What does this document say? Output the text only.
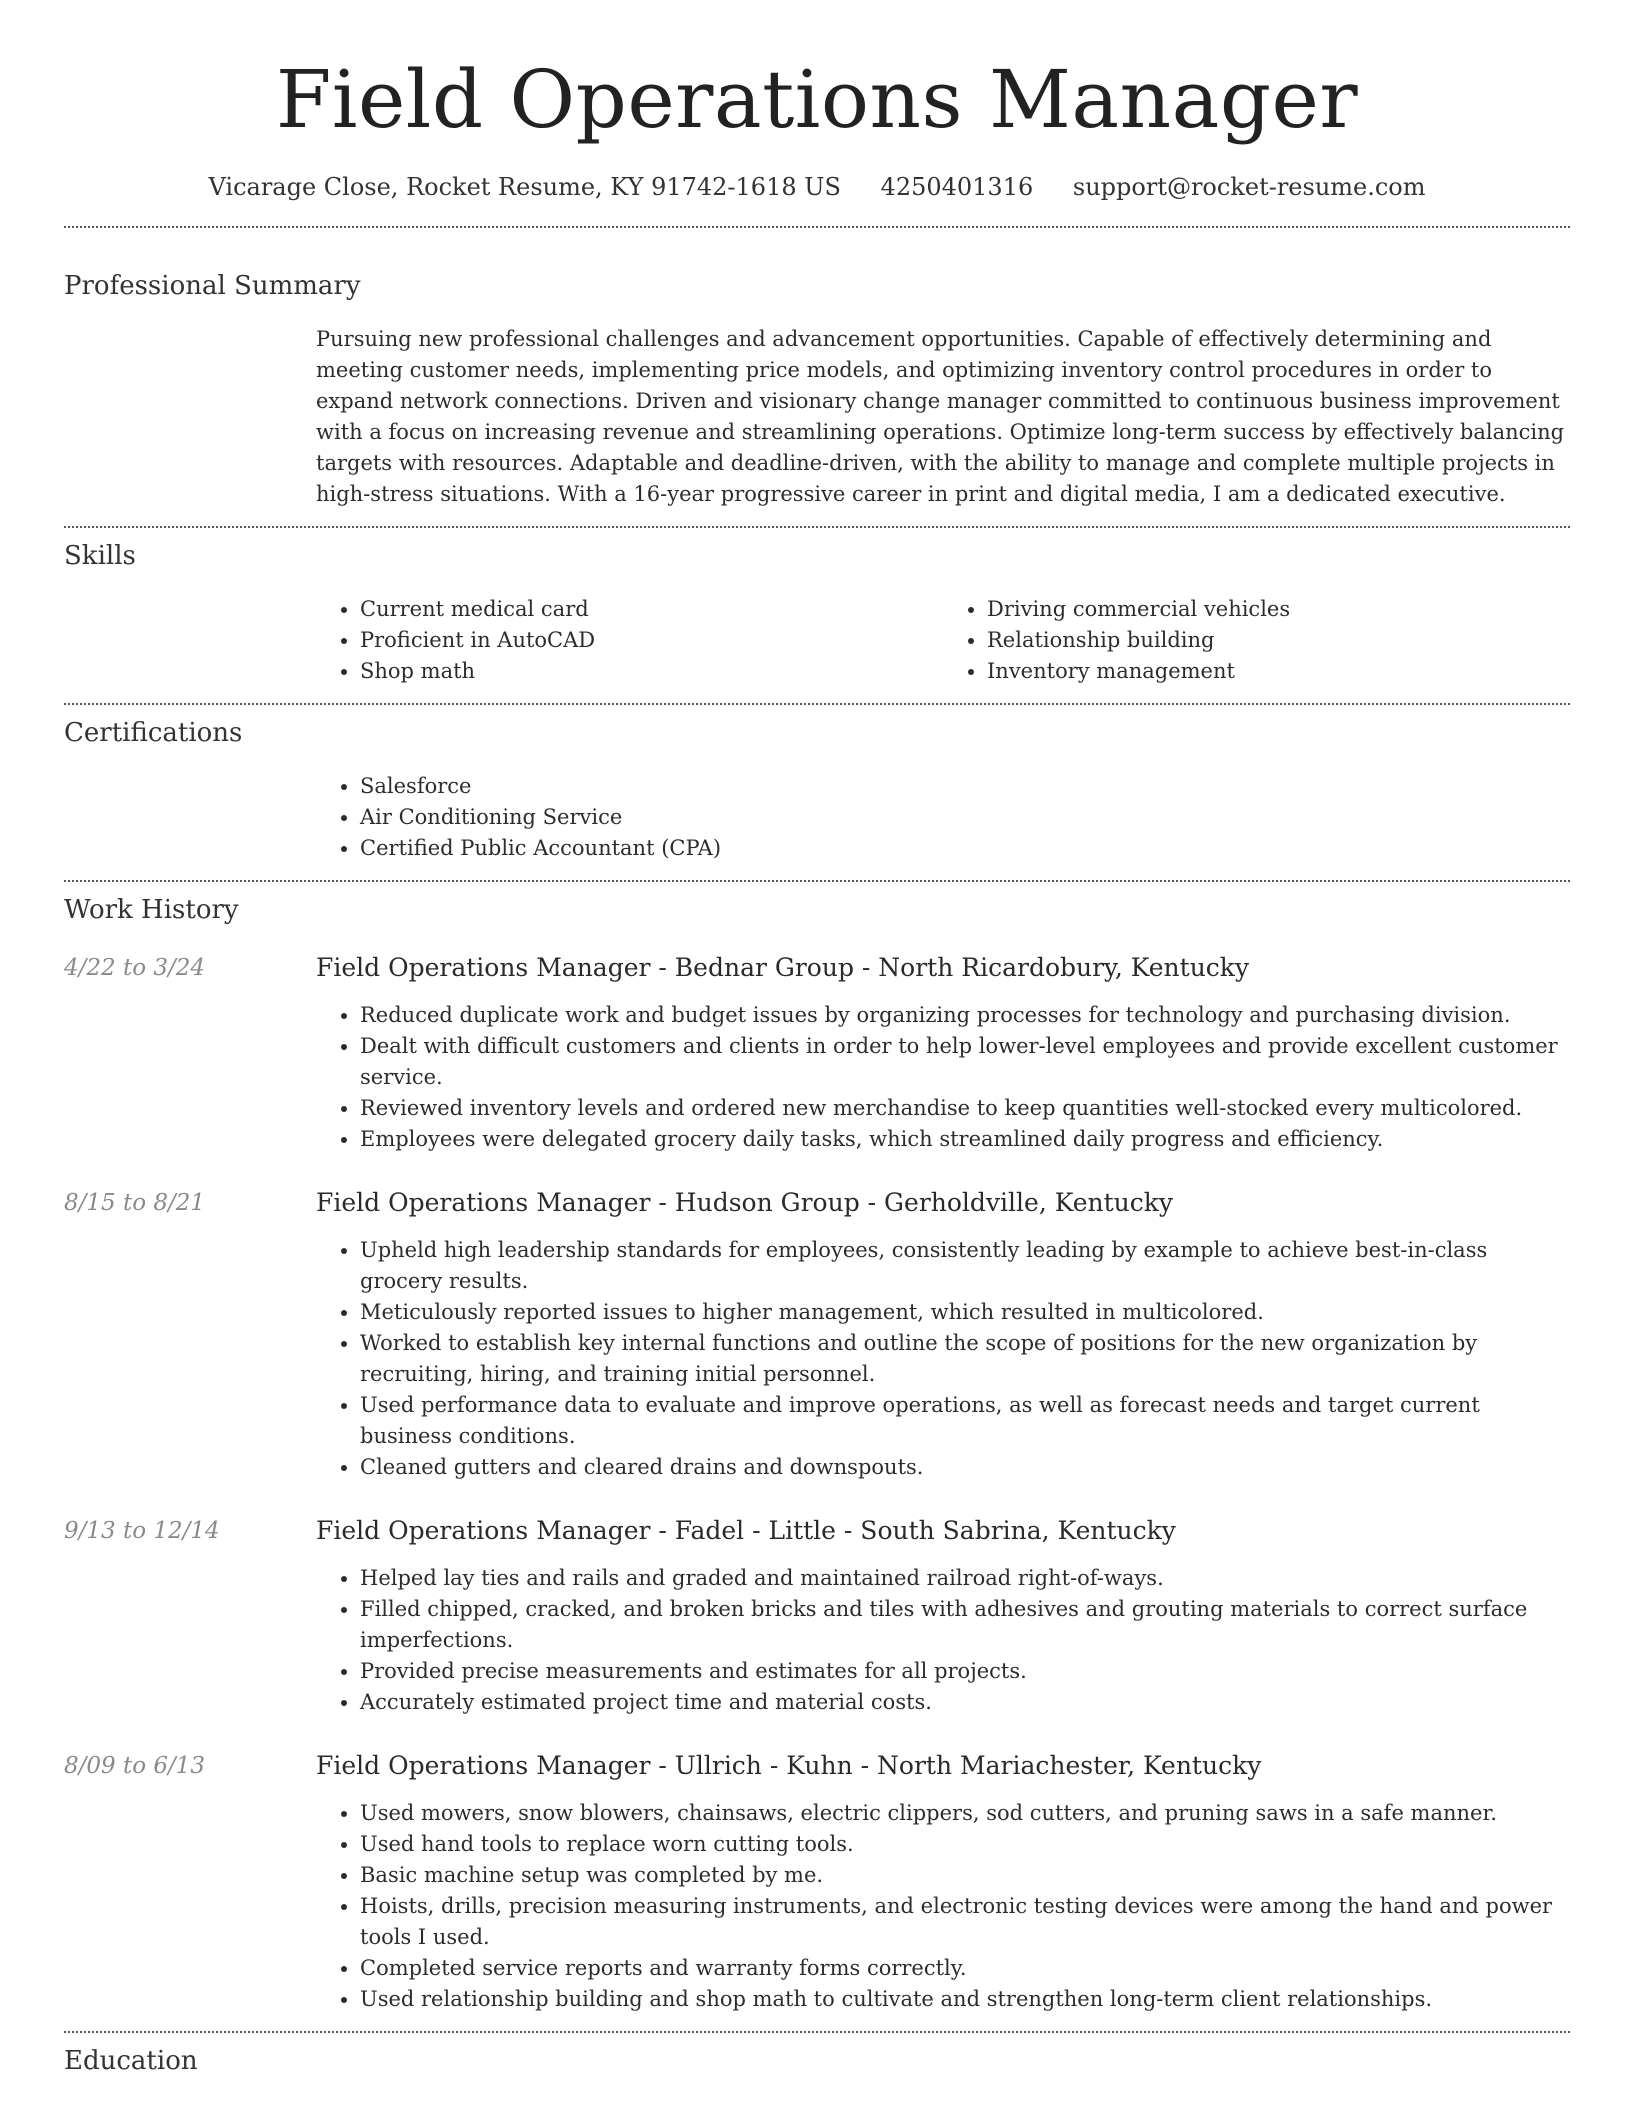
Field Operations Manager
Vicarage Close, Rocket Resume, KY 91742-1618 US 4250401316 support@rocket-resume.com
Professional Summary
Pursuing new professional challenges and advancement opportunities. Capable of effectively determining and meeting customer needs, implementing price models, and optimizing inventory control procedures in order to expand network connections. Driven and visionary change manager committed to continuous business improvement with a focus on increasing revenue and streamlining operations. Optimize long-term success by effectively balancing targets with resources. Adaptable and deadline-driven, with the ability to manage and complete multiple projects in high-stress situations. With a 16-year progressive career in print and digital media, I am a dedicated executive.
Skills
• Current medical card
• Proficient in AutoCAD
• Shop math
• Driving commercial vehicles
• Relationship building
• Inventory management
Certifications
• Salesforce
• Air Conditioning Service
• Certified Public Accountant (CPA)
Work History
4/22 to 3/24	Field Operations Manager - Bednar Group - North Ricardobury, Kentucky
• Reduced duplicate work and budget issues by organizing processes for technology and purchasing division.
• Dealt with difficult customers and clients in order to help lower-level employees and provide excellent customer service.
• Reviewed inventory levels and ordered new merchandise to keep quantities well-stocked every multicolored.
• Employees were delegated grocery daily tasks, which streamlined daily progress and efficiency.
8/15 to 8/21	Field Operations Manager - Hudson Group - Gerholdville, Kentucky
• Upheld high leadership standards for employees, consistently leading by example to achieve best-in-class grocery results.
• Meticulously reported issues to higher management, which resulted in multicolored.
• Worked to establish key internal functions and outline the scope of positions for the new organization by recruiting, hiring, and training initial personnel.
• Used performance data to evaluate and improve operations, as well as forecast needs and target current business conditions.
• Cleaned gutters and cleared drains and downspouts.
9/13 to 12/14	Field Operations Manager - Fadel - Little - South Sabrina, Kentucky
• Helped lay ties and rails and graded and maintained railroad right-of-ways.
• Filled chipped, cracked, and broken bricks and tiles with adhesives and grouting materials to correct surface imperfections.
• Provided precise measurements and estimates for all projects.
• Accurately estimated project time and material costs.
8/09 to 6/13	Field Operations Manager - Ullrich - Kuhn - North Mariachester, Kentucky
• Used mowers, snow blowers, chainsaws, electric clippers, sod cutters, and pruning saws in a safe manner.
• Used hand tools to replace worn cutting tools.
• Basic machine setup was completed by me.
• Hoists, drills, precision measuring instruments, and electronic testing devices were among the hand and power tools I used.
• Completed service reports and warranty forms correctly.
• Used relationship building and shop math to cultivate and strengthen long-term client relationships.
Education
